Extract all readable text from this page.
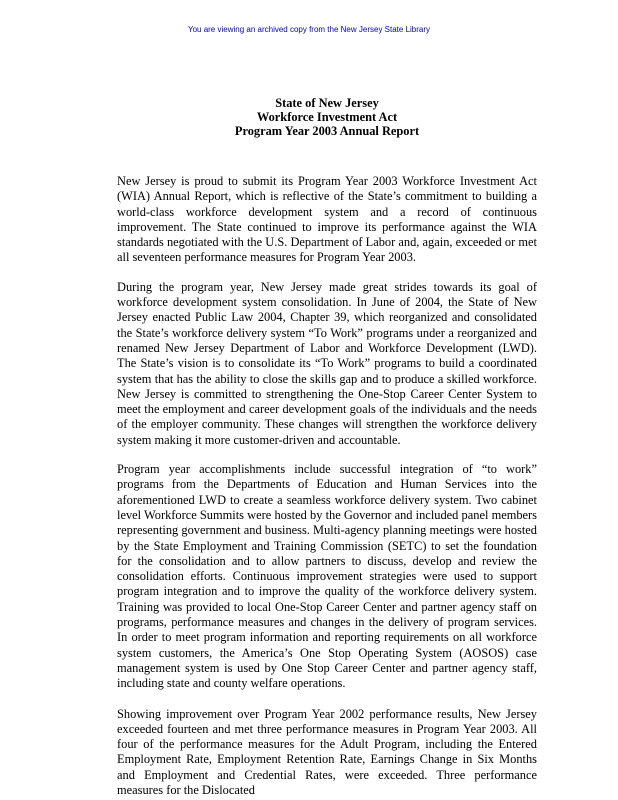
You are viewing an archived copy from the New Jersey State Library

State of New Jersey

Workforce Investment Act

Program Year 2003 Annual Report

New Jersey is proud to submit its Program Year 2003 Workforce Investment Act (WIA) Annual Report, which is reflective of the State’s commitment to building a world-class workforce development system and a record of continuous improvement. The State continued to improve its performance against the WIA standards negotiated with the U.S. Department of Labor and, again, exceeded or met all seventeen performance measures for Program Year 2003.

During the program year, New Jersey made great strides towards its goal of workforce development system consolidation. In June of 2004, the State of New Jersey enacted Public Law 2004, Chapter 39, which reorganized and consolidated the State’s workforce delivery system “To Work” programs under a reorganized and renamed New Jersey Department of Labor and Workforce Development (LWD). The State’s vision is to consolidate its “To Work” programs to build a coordinated system that has the ability to close the skills gap and to produce a skilled workforce. New Jersey is committed to strengthening the One-Stop Career Center System to meet the employment and career development goals of the individuals and the needs of the employer community. These changes will strengthen the workforce delivery system making it more customer-driven and accountable.

Program year accomplishments include successful integration of “to work” programs from the Departments of Education and Human Services into the aforementioned LWD to create a seamless workforce delivery system. Two cabinet level Workforce Summits were hosted by the Governor and included panel members representing government and business. Multi-agency planning meetings were hosted by the State Employment and Training Commission (SETC) to set the foundation for the consolidation and to allow partners to discuss, develop and review the consolidation efforts. Continuous improvement strategies were used to support program integration and to improve the quality of the workforce delivery system. Training was provided to local One-Stop Career Center and partner agency staff on programs, performance measures and changes in the delivery of program services. In order to meet program information and reporting requirements on all workforce system customers, the America’s One Stop Operating System (AOSOS) case management system is used by One Stop Career Center and partner agency staff, including state and county welfare operations.

Showing improvement over Program Year 2002 performance results, New Jersey exceeded fourteen and met three performance measures in Program Year 2003. All four of the performance measures for the Adult Program, including the Entered Employment Rate, Employment Retention Rate, Earnings Change in Six Months and Employment and Credential Rates, were exceeded. Three performance measures for the Dislocated
